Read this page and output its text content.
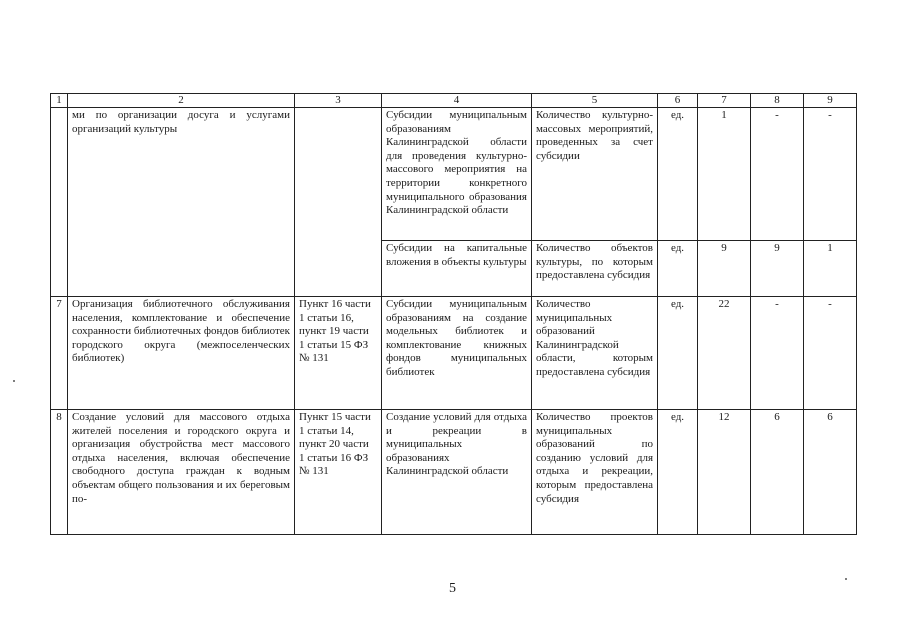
1	2	3	4	5	6	7	8	9
	ми по организации досуга и услугами организаций культуры		Субсидии муниципальным образованиям Калининградской области для проведения культурно-массового мероприятия на территории конкретного муниципального образования Калининградской области	Количество культурно-массовых мероприятий, проведенных за счет субсидии	ед.	1	-	-
			Субсидии на капитальные вложения в объекты культуры	Количество объектов культуры, по которым предоставлена субсидия	ед.	9	9	1
7	Организация библиотечного обслуживания населения, комплектование и обеспечение сохранности библиотечных фондов библиотек городского округа (межпоселенческих библиотек)	Пункт 16 части 1 статьи 16, пункт 19 части 1 статьи 15 ФЗ № 131	Субсидии муниципальным образованиям на создание модельных библиотек и комплектование книжных фондов муниципальных библиотек	Количество муниципальных образований Калининградской области, которым предоставлена субсидия	ед.	22	-	-
8	Создание условий для массового отдыха жителей поселения и городского округа и организация обустройства мест массового отдыха населения, включая обеспечение свободного доступа граждан к водным объектам общего пользования и их береговым по-	Пункт 15 части 1 статьи 14, пункт 20 части 1 статьи 16 ФЗ № 131	Создание условий для отдыха и рекреации в муниципальных образованиях Калининградской области	Количество проектов муниципальных образований по созданию условий для отдыха и рекреации, которым предоставлена субсидия	ед.	12	6	6
5
